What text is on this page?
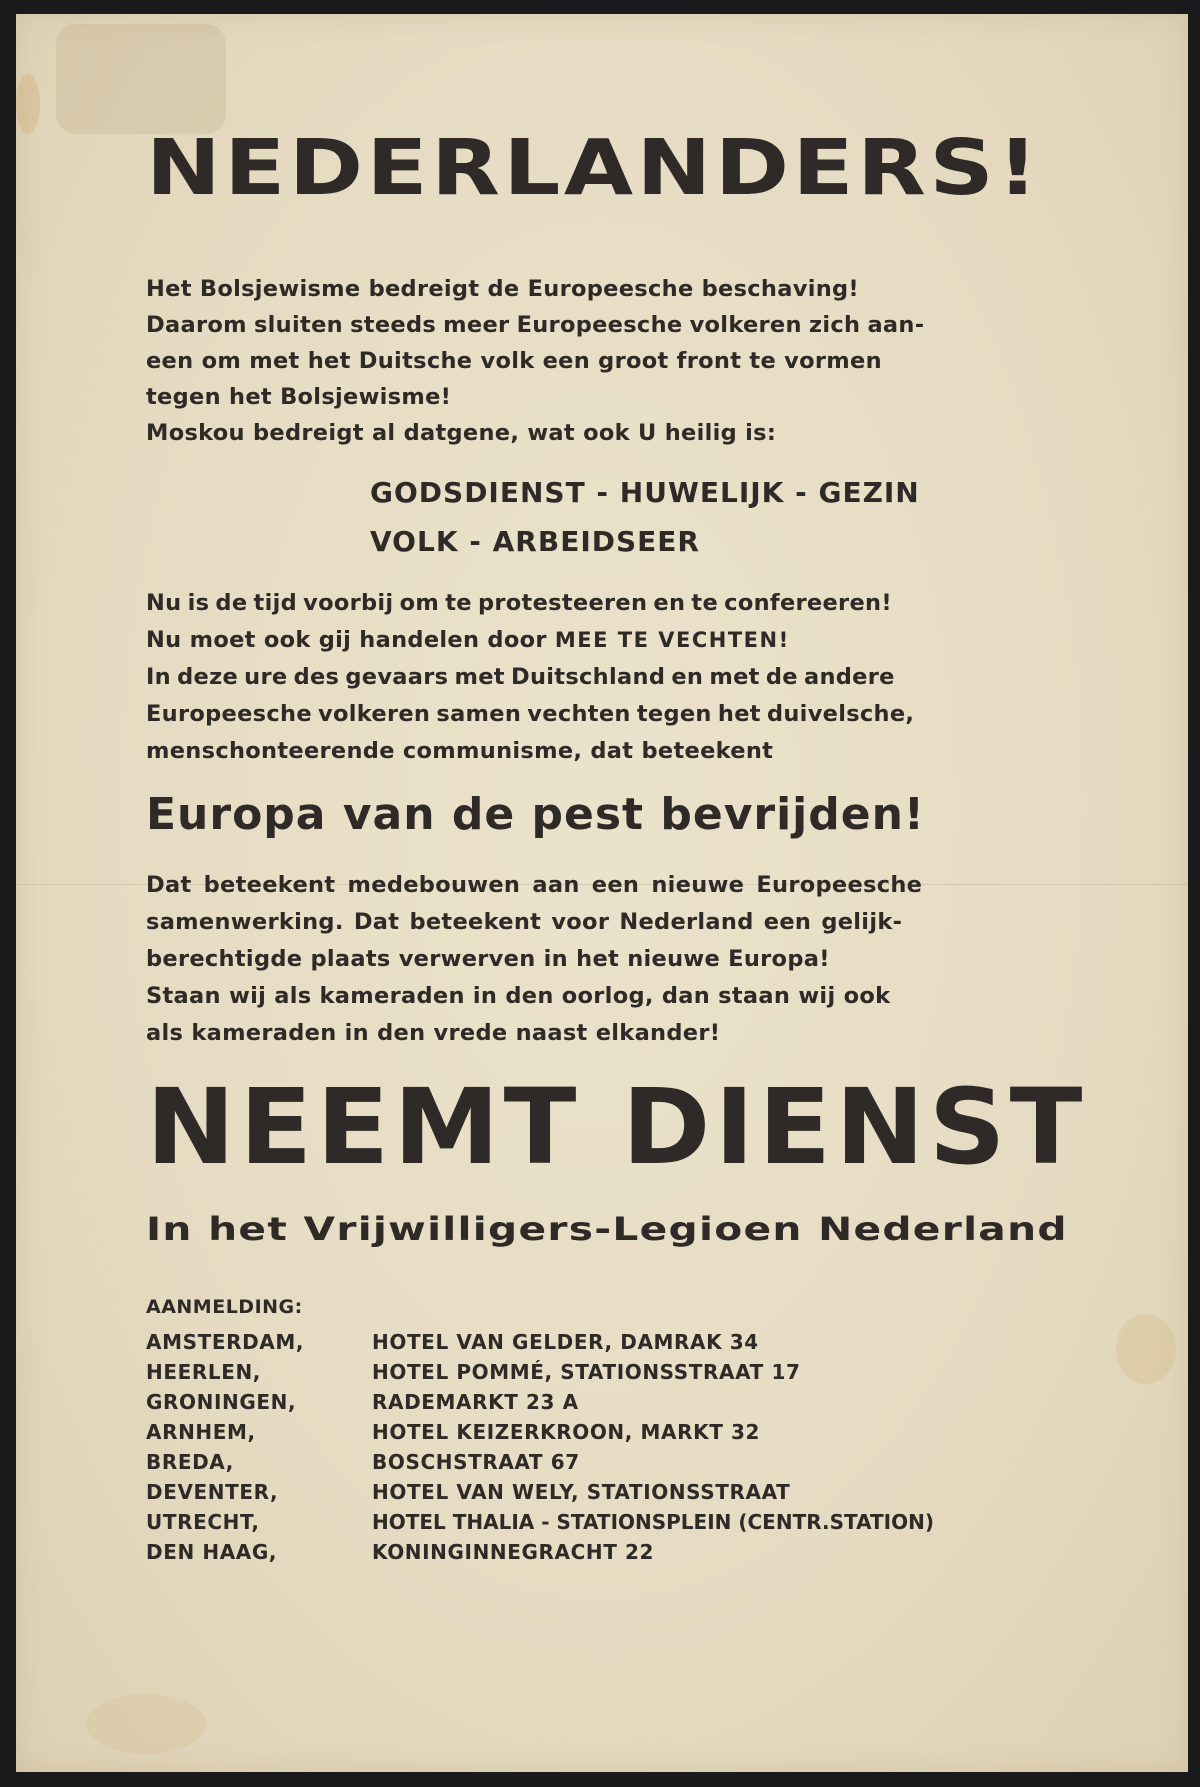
NEDERLANDERS!
Het Bolsjewisme bedreigt de Europeesche beschaving!
Daarom sluiten steeds meer Europeesche volkeren zich aan-
een om met het Duitsche volk een groot front te vormen
tegen het Bolsjewisme!
Moskou bedreigt al datgene, wat ook U heilig is:
GODSDIENST - HUWELIJK - GEZIN
VOLK - ARBEIDSEER
Nu is de tijd voorbij om te protesteeren en te confereeren!
Nu moet ook gij handelen door MEE TE VECHTEN!
In deze ure des gevaars met Duitschland en met de andere
Europeesche volkeren samen vechten tegen het duivelsche,
menschonteerende communisme, dat beteekent
Europa van de pest bevrijden!
Dat beteekent medebouwen aan een nieuwe Europeesche
samenwerking. Dat beteekent voor Nederland een gelijk-
berechtigde plaats verwerven in het nieuwe Europa!
Staan wij als kameraden in den oorlog, dan staan wij ook
als kameraden in den vrede naast elkander!
NEEMT DIENST
In het Vrijwilligers-Legioen Nederland
AANMELDING:
AMSTERDAM,	HOTEL VAN GELDER, DAMRAK 34
HEERLEN,	HOTEL POMMÉ, STATIONSSTRAAT 17
GRONINGEN,	RADEMARKT 23 A
ARNHEM,	HOTEL KEIZERKROON, MARKT 32
BREDA,	BOSCHSTRAAT 67
DEVENTER,	HOTEL VAN WELY, STATIONSSTRAAT
UTRECHT,	HOTEL THALIA - STATIONSPLEIN (CENTR.STATION)
DEN HAAG,	KONINGINNEGRACHT 22
